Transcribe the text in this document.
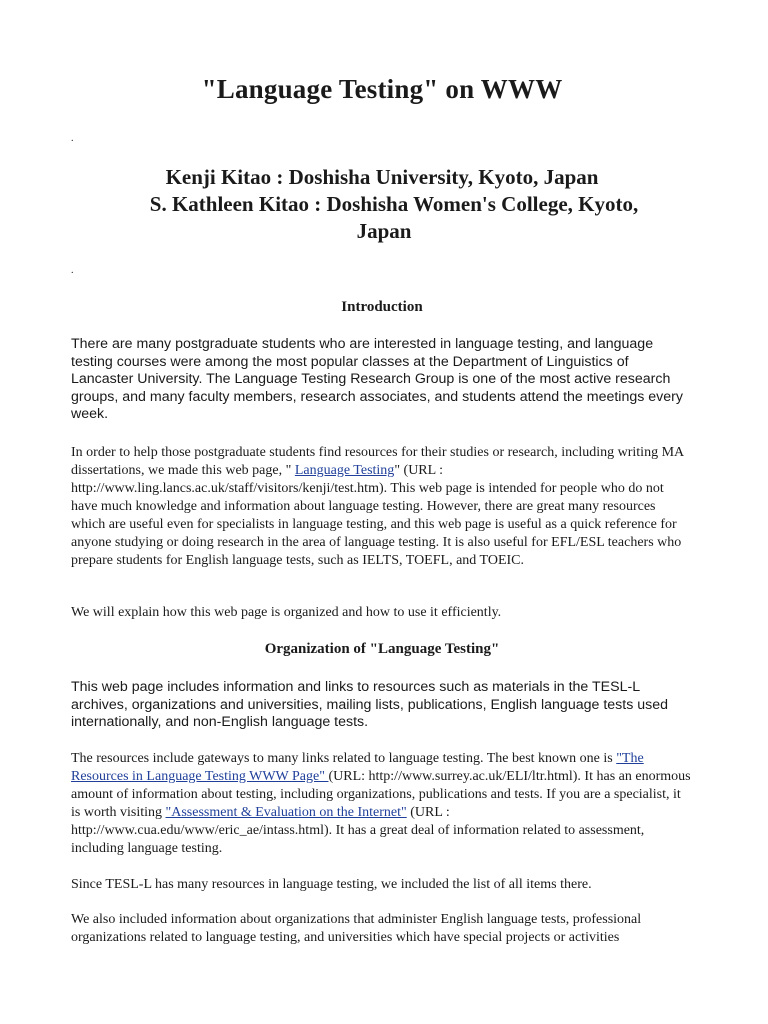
"Language Testing" on WWW
.
Kenji Kitao : Doshisha University, Kyoto, Japan
S. Kathleen Kitao : Doshisha Women's College, Kyoto,
Japan
.
Introduction

There are many postgraduate students who are interested in language testing, and language testing courses were among the most popular classes at the Department of Linguistics of Lancaster University. The Language Testing Research Group is one of the most active research groups, and many faculty members, research associates, and students attend the meetings every week.

In order to help those postgraduate students find resources for their studies or research, including writing MA dissertations, we made this web page, " Language Testing" (URL : http://www.ling.lancs.ac.uk/staff/visitors/kenji/test.htm). This web page is intended for people who do not have much knowledge and information about language testing. However, there are great many resources which are useful even for specialists in language testing, and this web page is useful as a quick reference for anyone studying or doing research in the area of language testing. It is also useful for EFL/ESL teachers who prepare students for English language tests, such as IELTS, TOEFL, and TOEIC.

We will explain how this web page is organized and how to use it efficiently.

Organization of "Language Testing"

This web page includes information and links to resources such as materials in the TESL-L archives, organizations and universities, mailing lists, publications, English language tests used internationally, and non-English language tests.

The resources include gateways to many links related to language testing. The best known one is "The Resources in Language Testing WWW Page" (URL: http://www.surrey.ac.uk/ELI/ltr.html). It has an enormous amount of information about testing, including organizations, publications and tests. If you are a specialist, it is worth visiting "Assessment & Evaluation on the Internet" (URL : http://www.cua.edu/www/eric_ae/intass.html). It has a great deal of information related to assessment, including language testing.

Since TESL-L has many resources in language testing, we included the list of all items there.

We also included information about organizations that administer English language tests, professional organizations related to language testing, and universities which have special projects or activities
